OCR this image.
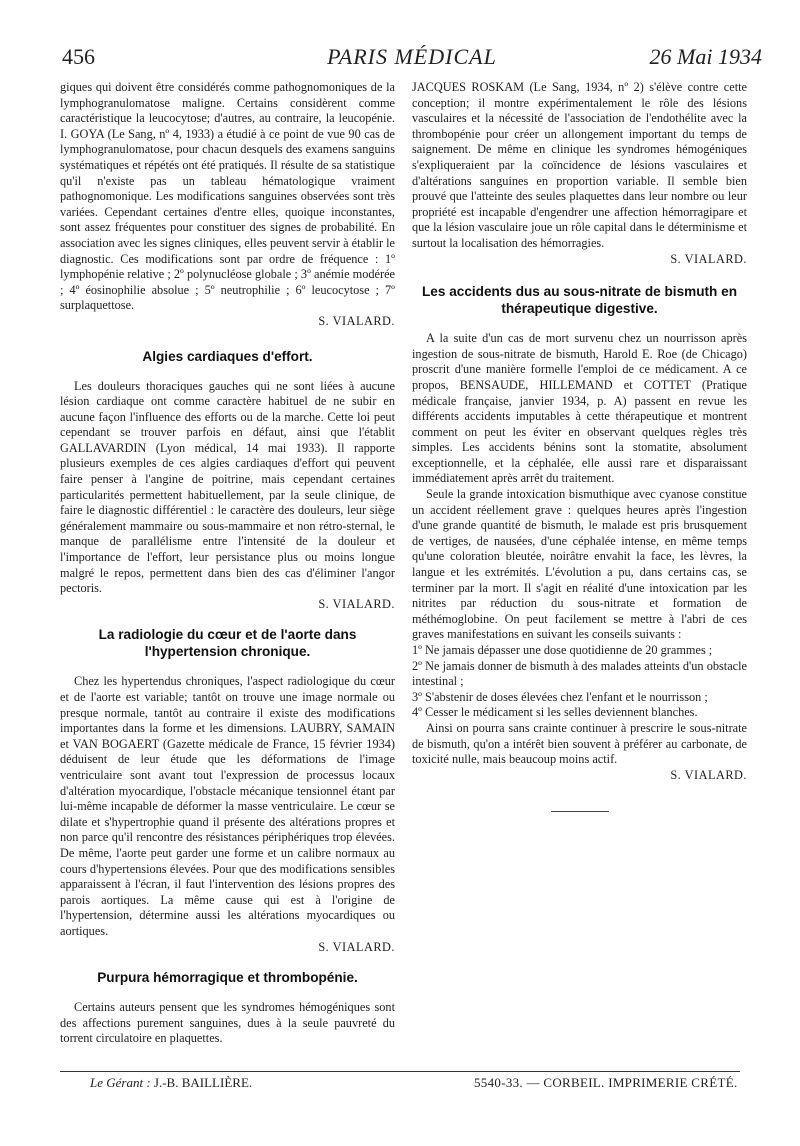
456	PARIS MÉDICAL	26 Mai 1934

giques qui doivent être considérés comme pathognomoniques de la lymphogranulomatose maligne. Certains considèrent comme caractéristique la leucocytose; d'autres, au contraire, la leucopénie. I. GOYA (Le Sang, nº 4, 1933) a étudié à ce point de vue 90 cas de lymphogranulomatose, pour chacun desquels des examens sanguins systématiques et répétés ont été pratiqués. Il résulte de sa statistique qu'il n'existe pas un tableau hématologique vraiment pathognomonique. Les modifications sanguines observées sont très variées. Cependant certaines d'entre elles, quoique inconstantes, sont assez fréquentes pour constituer des signes de probabilité. En association avec les signes cliniques, elles peuvent servir à établir le diagnostic. Ces modifications sont par ordre de fréquence : 1º lymphopénie relative ; 2º polynucléose globale ; 3º anémie modérée ; 4º éosinophilie absolue ; 5º neutrophilie ; 6º leucocytose ; 7º surplaquettose.

S. VIALARD.

Algies cardiaques d'effort.

Les douleurs thoraciques gauches qui ne sont liées à aucune lésion cardiaque ont comme caractère habituel de ne subir en aucune façon l'influence des efforts ou de la marche. Cette loi peut cependant se trouver parfois en défaut, ainsi que l'établit GALLAVARDIN (Lyon médical, 14 mai 1933). Il rapporte plusieurs exemples de ces algies cardiaques d'effort qui peuvent faire penser à l'angine de poitrine, mais cependant certaines particularités permettent habituellement, par la seule clinique, de faire le diagnostic différentiel : le caractère des douleurs, leur siège généralement mammaire ou sous-mammaire et non rétro-sternal, le manque de parallélisme entre l'intensité de la douleur et l'importance de l'effort, leur persistance plus ou moins longue malgré le repos, permettent dans bien des cas d'éliminer l'angor pectoris.

S. VIALARD.

La radiologie du cœur et de l'aorte dans l'hypertension chronique.

Chez les hypertendus chroniques, l'aspect radiologique du cœur et de l'aorte est variable; tantôt on trouve une image normale ou presque normale, tantôt au contraire il existe des modifications importantes dans la forme et les dimensions. LAUBRY, SAMAIN et VAN BOGAERT (Gazette médicale de France, 15 février 1934) déduisent de leur étude que les déformations de l'image ventriculaire sont avant tout l'expression de processus locaux d'altération myocardique, l'obstacle mécanique tensionnel étant par lui-même incapable de déformer la masse ventriculaire. Le cœur se dilate et s'hypertrophie quand il présente des altérations propres et non parce qu'il rencontre des résistances périphériques trop élevées. De même, l'aorte peut garder une forme et un calibre normaux au cours d'hypertensions élevées. Pour que des modifications sensibles apparaissent à l'écran, il faut l'intervention des lésions propres des parois aortiques. La même cause qui est à l'origine de l'hypertension, détermine aussi les altérations myocardiques ou aortiques.

S. VIALARD.

Purpura hémorragique et thrombopénie.

Certains auteurs pensent que les syndromes hémogéniques sont des affections purement sanguines, dues à la seule pauvreté du torrent circulatoire en plaquettes.

JACQUES ROSKAM (Le Sang, 1934, nº 2) s'élève contre cette conception; il montre expérimentalement le rôle des lésions vasculaires et la nécessité de l'association de l'endothélite avec la thrombopénie pour créer un allongement important du temps de saignement. De même en clinique les syndromes hémogéniques s'expliqueraient par la coïncidence de lésions vasculaires et d'altérations sanguines en proportion variable. Il semble bien prouvé que l'atteinte des seules plaquettes dans leur nombre ou leur propriété est incapable d'engendrer une affection hémorragipare et que la lésion vasculaire joue un rôle capital dans le déterminisme et surtout la localisation des hémorragies.

S. VIALARD.

Les accidents dus au sous-nitrate de bismuth en thérapeutique digestive.

A la suite d'un cas de mort survenu chez un nourrisson après ingestion de sous-nitrate de bismuth, Harold E. Roe (de Chicago) proscrit d'une manière formelle l'emploi de ce médicament. A ce propos, BENSAUDE, HILLEMAND et COTTET (Pratique médicale française, janvier 1934, p. A) passent en revue les différents accidents imputables à cette thérapeutique et montrent comment on peut les éviter en observant quelques règles très simples. Les accidents bénins sont la stomatite, absolument exceptionnelle, et la céphalée, elle aussi rare et disparaissant immédiatement après arrêt du traitement.

Seule la grande intoxication bismuthique avec cyanose constitue un accident réellement grave : quelques heures après l'ingestion d'une grande quantité de bismuth, le malade est pris brusquement de vertiges, de nausées, d'une céphalée intense, en même temps qu'une coloration bleutée, noirâtre envahit la face, les lèvres, la langue et les extrémités. L'évolution a pu, dans certains cas, se terminer par la mort. Il s'agit en réalité d'une intoxication par les nitrites par réduction du sous-nitrate et formation de méthémoglobine. On peut facilement se mettre à l'abri de ces graves manifestations en suivant les conseils suivants :

1º Ne jamais dépasser une dose quotidienne de 20 grammes ;

2º Ne jamais donner de bismuth à des malades atteints d'un obstacle intestinal ;

3º S'abstenir de doses élevées chez l'enfant et le nourrisson ;

4º Cesser le médicament si les selles deviennent blanches.

Ainsi on pourra sans crainte continuer à prescrire le sous-nitrate de bismuth, qu'on a intérêt bien souvent à préférer au carbonate, de toxicité nulle, mais beaucoup moins actif.

S. VIALARD.

Le Gérant : J.-B. BAILLIÈRE.	5540-33. — CORBEIL. IMPRIMERIE CRÉTÉ.
